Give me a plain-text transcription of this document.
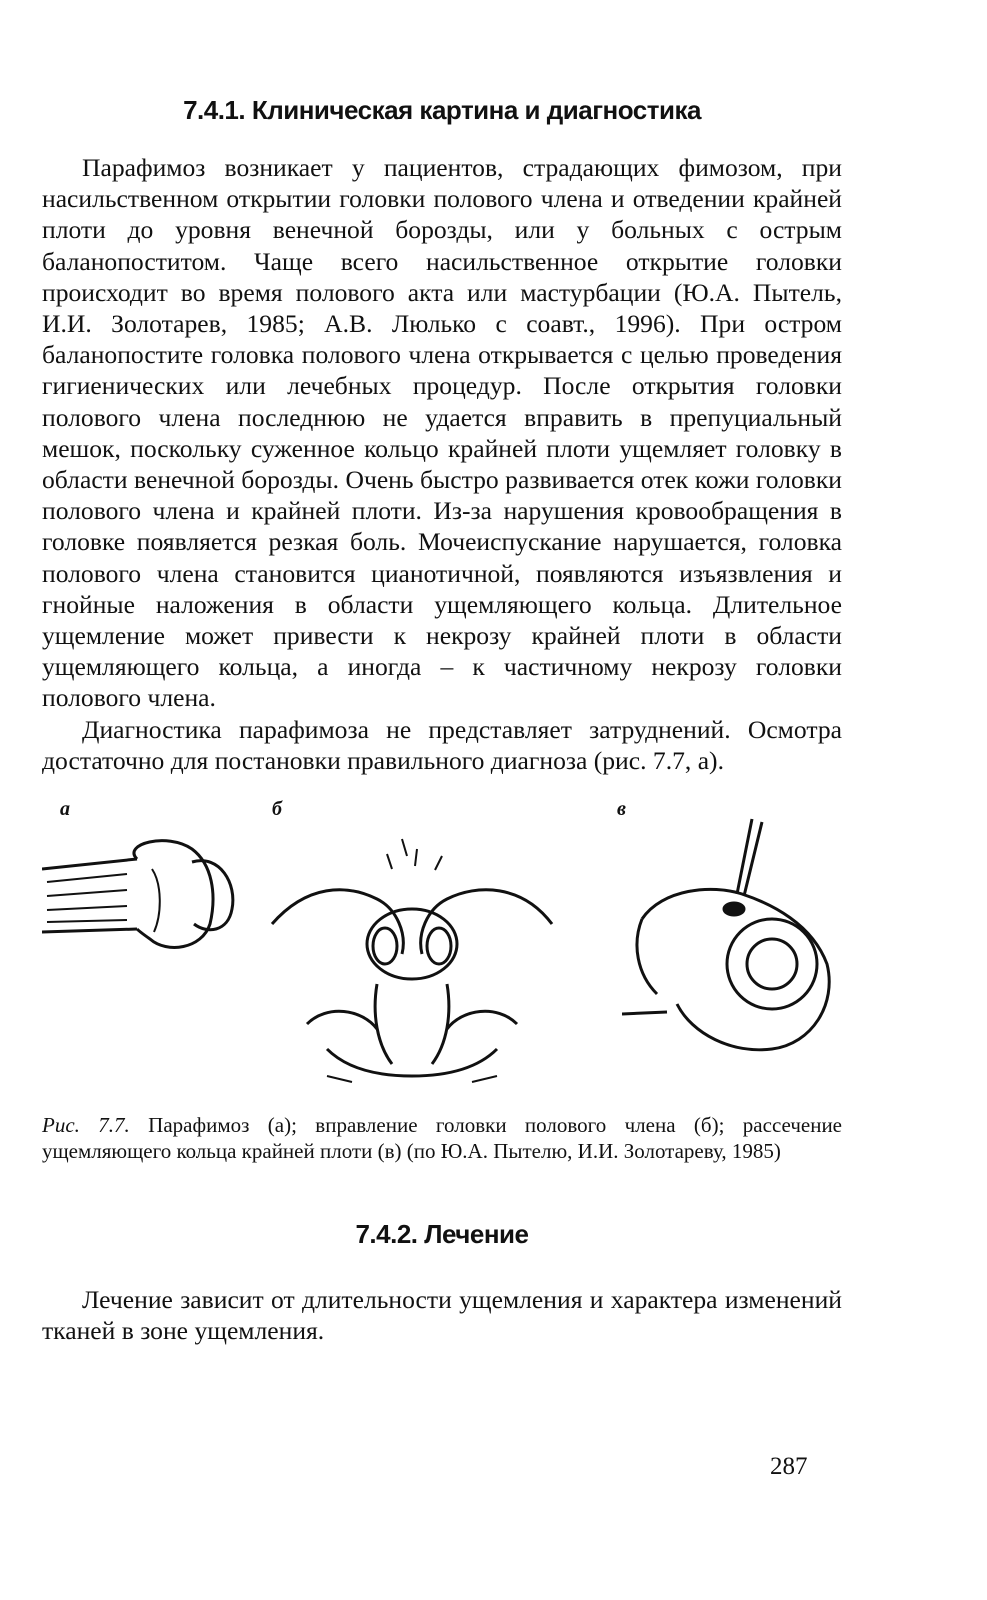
7.4.1. Клиническая картина и диагностика

Парафимоз возникает у пациентов, страдающих фимозом, при насильственном открытии головки полового члена и отведении крайней плоти до уровня венечной борозды, или у больных с острым баланопоститом. Чаще всего насильственное открытие головки происходит во время полового акта или мастурбации (Ю.А. Пытель, И.И. Золотарев, 1985; А.В. Люлько с соавт., 1996). При остром баланопостите головка полового члена открывается с целью проведения гигиенических или лечебных процедур. После открытия головки полового члена последнюю не удается вправить в препуциальный мешок, поскольку суженное кольцо крайней плоти ущемляет головку в области венечной борозды. Очень быстро развивается отек кожи головки полового члена и крайней плоти. Из-за нарушения кровообращения в головке появляется резкая боль. Мочеиспускание нарушается, головка полового члена становится цианотичной, появляются изъязвления и гнойные наложения в области ущемляющего кольца. Длительное ущемление может привести к некрозу крайней плоти в области ущемляющего кольца, а иногда – к частичному некрозу головки полового члена.

Диагностика парафимоза не представляет затруднений. Осмотра достаточно для постановки правильного диагноза (рис. 7.7, а).

а	б	в

Рис. 7.7. Парафимоз (а); вправление головки полового члена (б); рассечение ущемляющего кольца крайней плоти (в) (по Ю.А. Пытелю, И.И. Золотареву, 1985)

7.4.2. Лечение

Лечение зависит от длительности ущемления и характера изменений тканей в зоне ущемления.

287
